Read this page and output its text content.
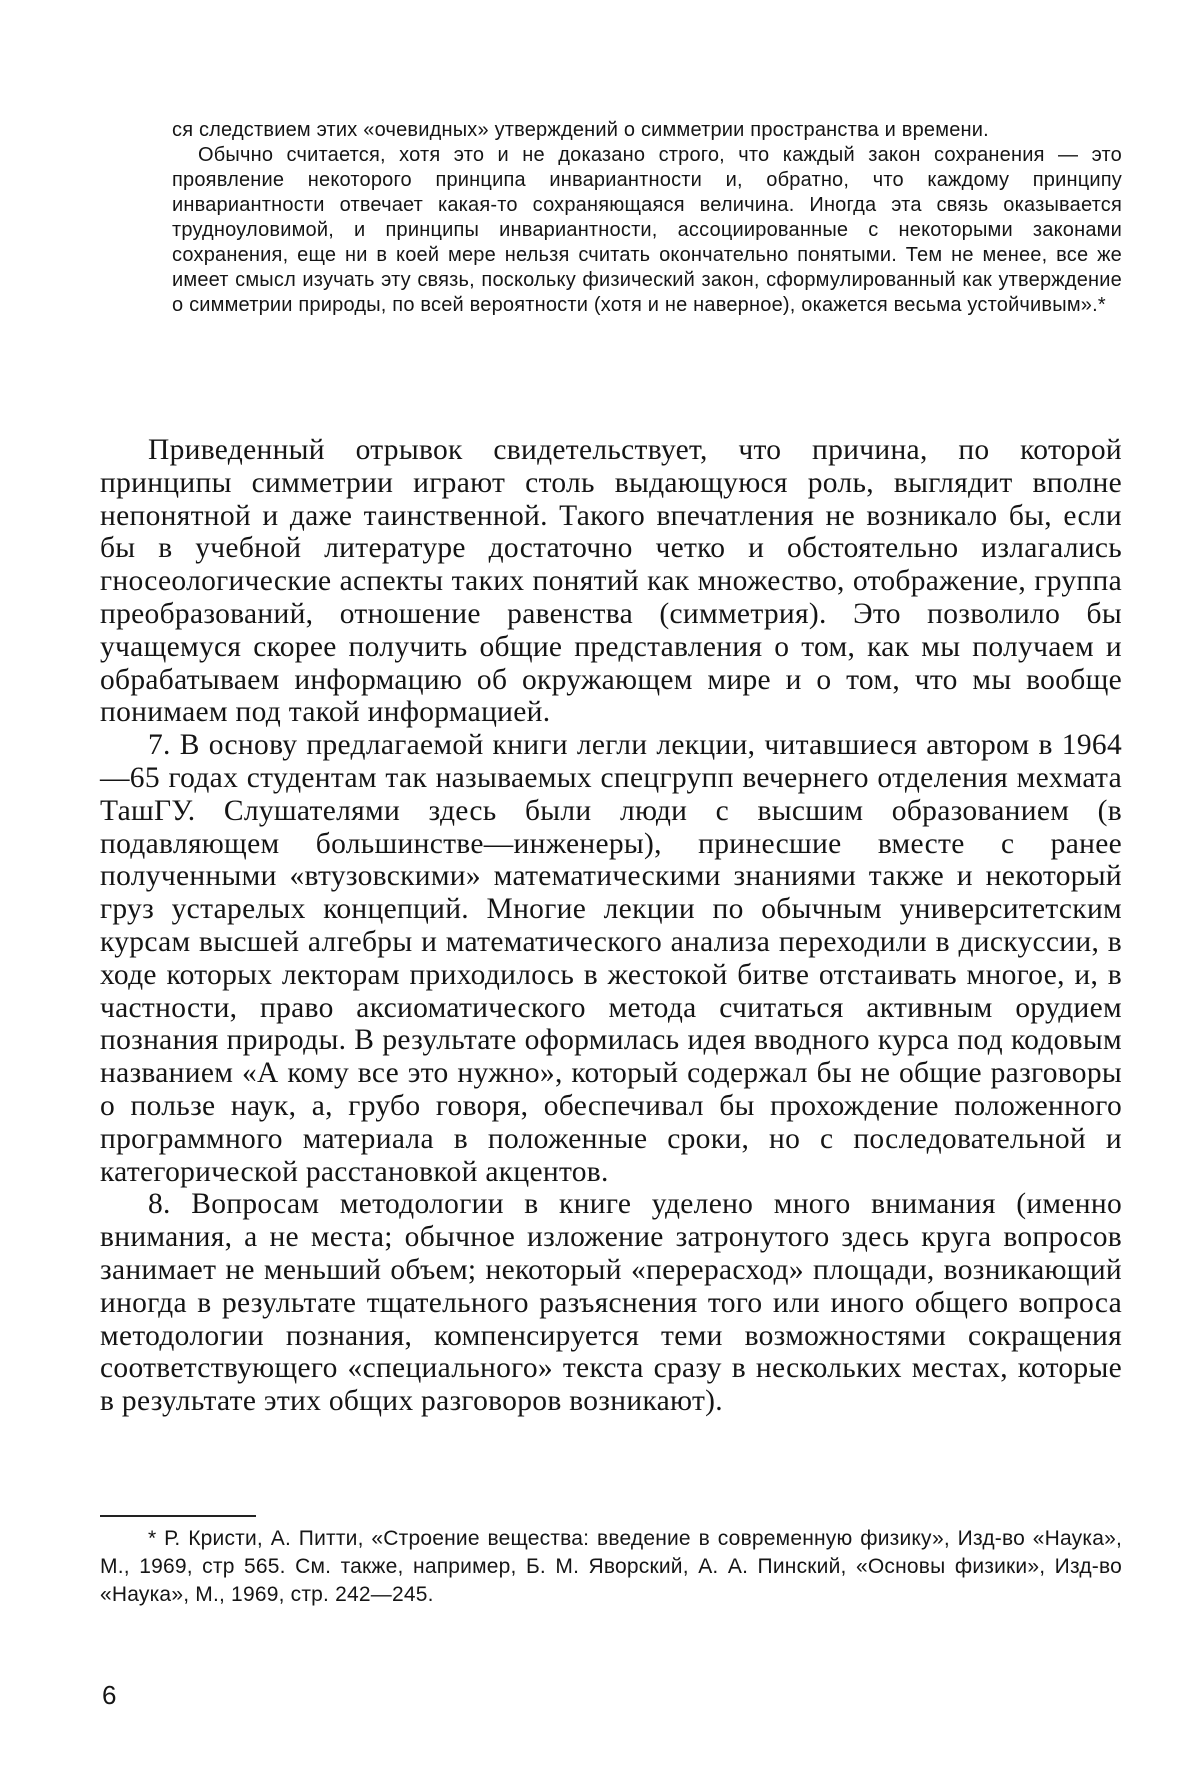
ся следствием этих «очевидных» утверждений о симметрии пространства и времени.

Обычно считается, хотя это и не доказано строго, что каждый закон сохранения — это проявление некоторого принципа инвариантности и, обратно, что каждому принципу инвариантности отвечает какая-то сохраняющаяся величина. Иногда эта связь оказывается трудноуловимой, и принципы инвариантности, ассоциированные с некоторыми законами сохранения, еще ни в коей мере нельзя считать окончательно понятыми. Тем не менее, все же имеет смысл изучать эту связь, поскольку физический закон, сформулированный как утверждение о симметрии природы, по всей вероятности (хотя и не наверное), окажется весьма устойчивым».*

Приведенный отрывок свидетельствует, что причина, по которой принципы симметрии играют столь выдающуюся роль, выглядит вполне непонятной и даже таинственной. Такого впечатления не возникало бы, если бы в учебной литературе достаточно четко и обстоятельно излагались гносеологические аспекты таких понятий как множество, отображение, группа преобразований, отношение равенства (симметрия). Это позволило бы учащемуся скорее получить общие представления о том, как мы получаем и обрабатываем информацию об окружающем мире и о том, что мы вообще понимаем под такой информацией.

7. В основу предлагаемой книги легли лекции, читавшиеся автором в 1964—65 годах студентам так называемых спецгрупп вечернего отделения мехмата ТашГУ. Слушателями здесь были люди с высшим образованием (в подавляющем большинстве—инженеры), принесшие вместе с ранее полученными «втузовскими» математическими знаниями также и некоторый груз устарелых концепций. Многие лекции по обычным университетским курсам высшей алгебры и математического анализа переходили в дискуссии, в ходе которых лекторам приходилось в жестокой битве отстаивать многое, и, в частности, право аксиоматического метода считаться активным орудием познания природы. В результате оформилась идея вводного курса под кодовым названием «А кому все это нужно», который содержал бы не общие разговоры о пользе наук, а, грубо говоря, обеспечивал бы прохождение положенного программного материала в положенные сроки, но с последовательной и категорической расстановкой акцентов.

8. Вопросам методологии в книге уделено много внимания (именно внимания, а не места; обычное изложение затронутого здесь круга вопросов занимает не меньший объем; некоторый «перерасход» площади, возникающий иногда в результате тщательного разъяснения того или иного общего вопроса методологии познания, компенсируется теми возможностями сокращения соответствующего «специального» текста сразу в нескольких местах, которые в результате этих общих разговоров возникают).

* Р. Кристи, А. Питти, «Строение вещества: введение в современную физику», Изд-во «Наука», М., 1969, стр 565. См. также, например, Б. М. Яворский, А. А. Пинский, «Основы физики», Изд-во «Наука», М., 1969, стр. 242—245.
6
